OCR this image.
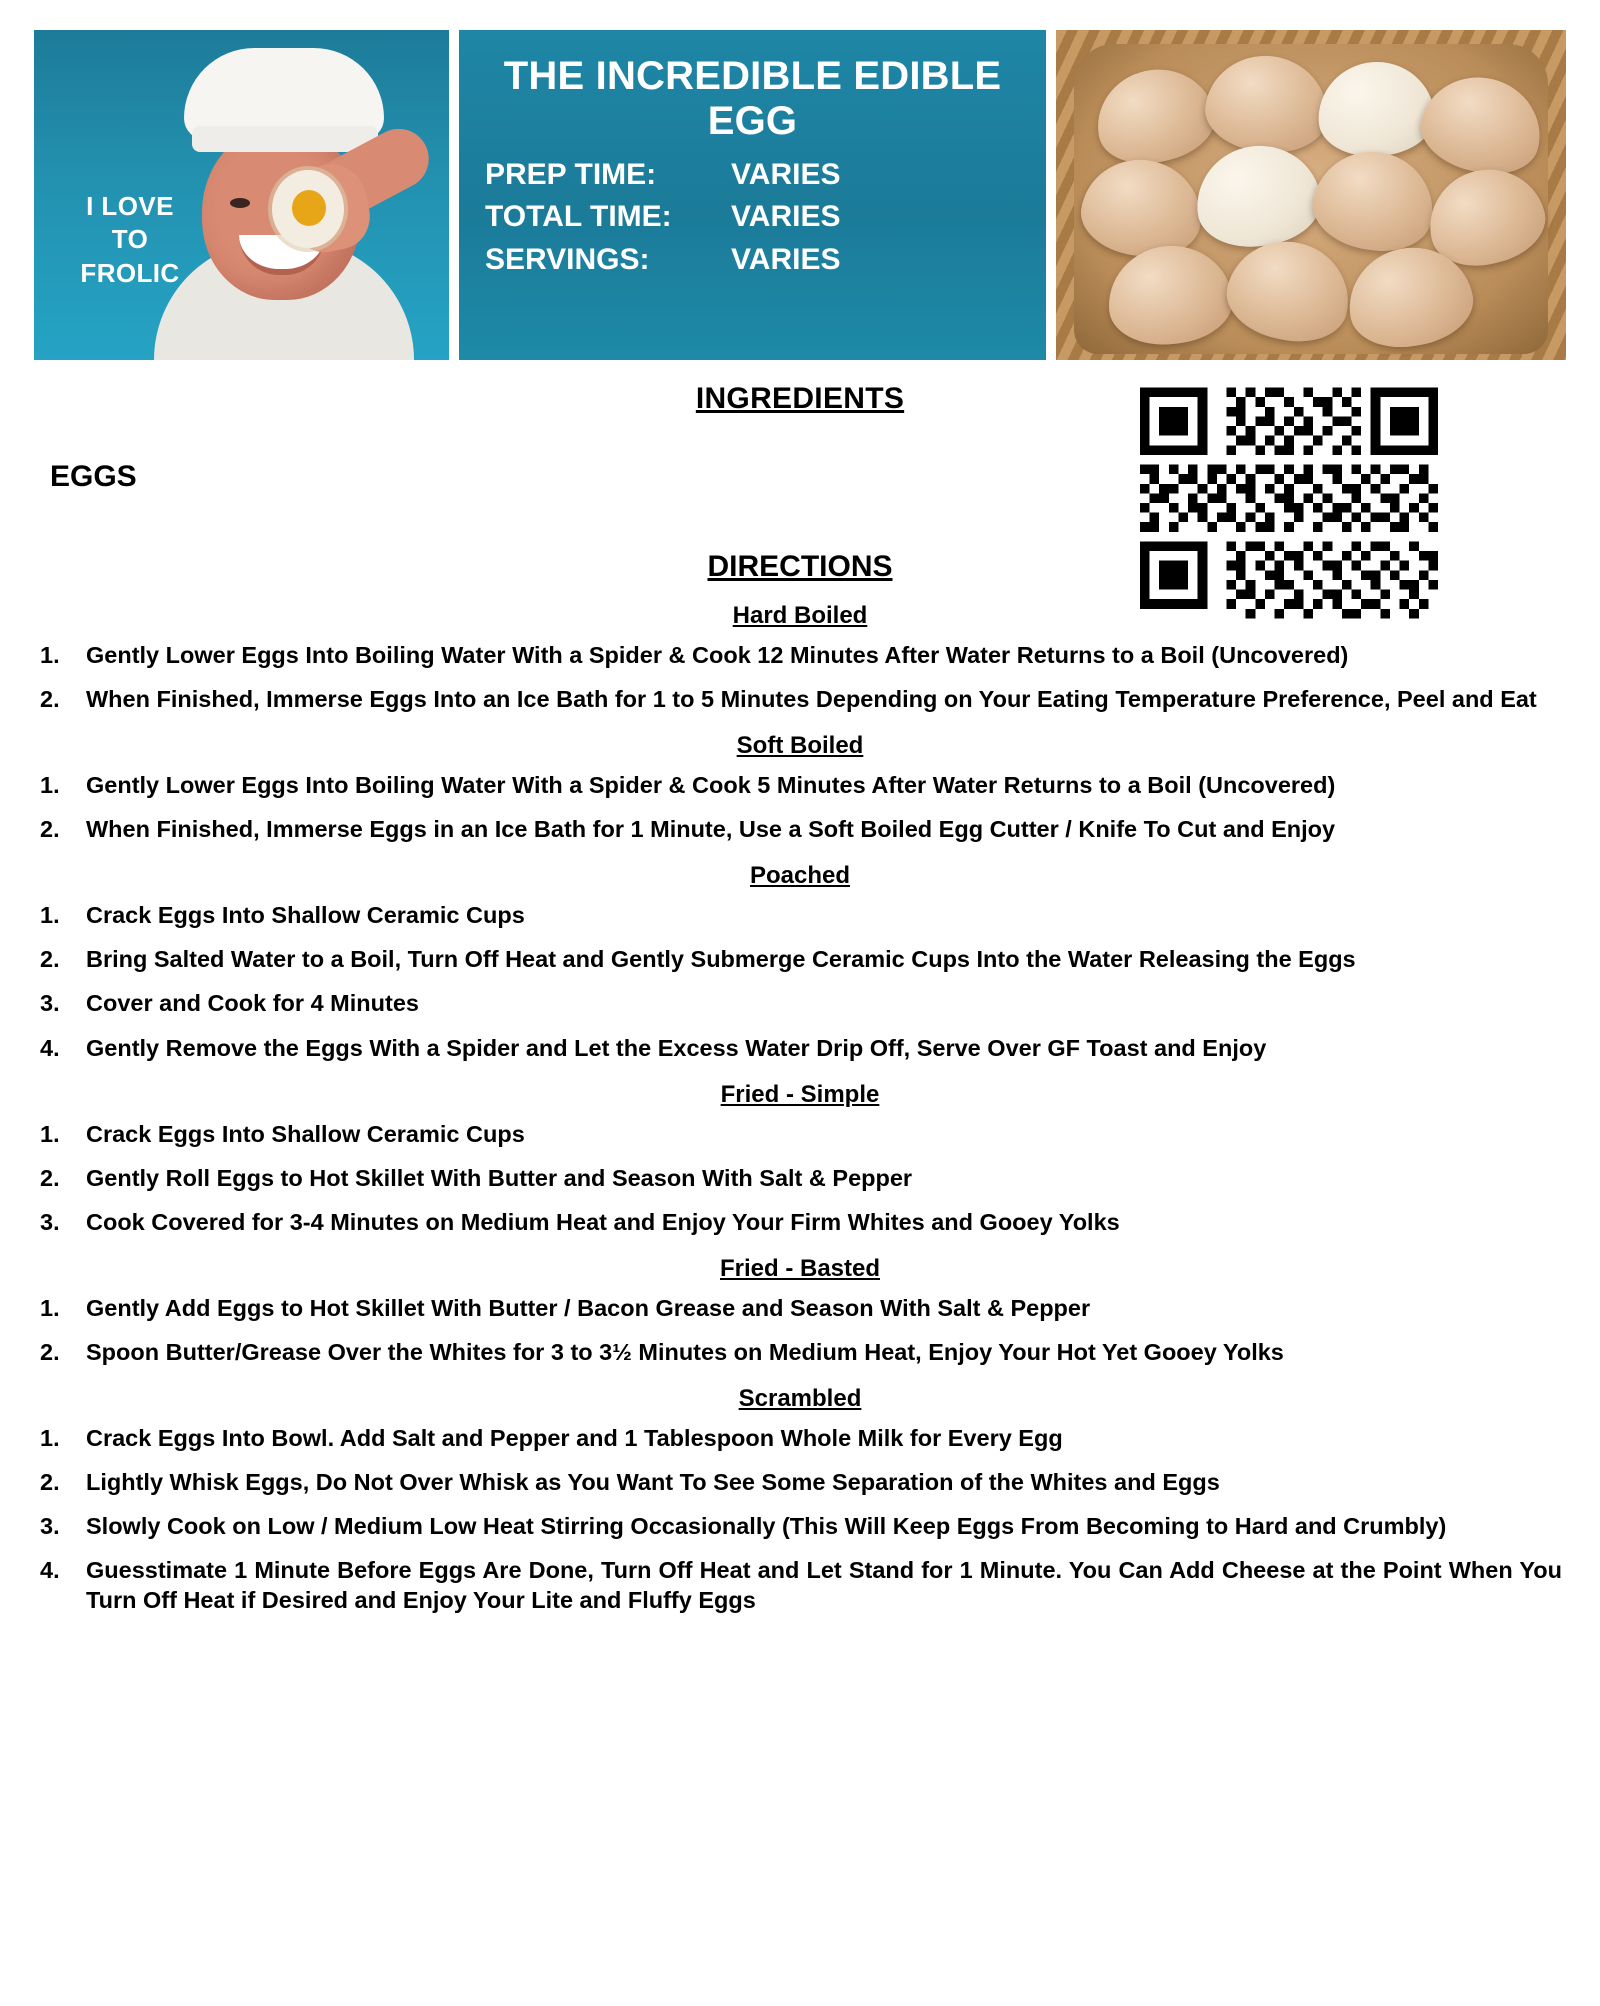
I LOVE
TO
FROLIC
THE INCREDIBLE EDIBLE EGG
PREP TIME:	VARIES
TOTAL TIME:	VARIES
SERVINGS:	VARIES
INGREDIENTS
EGGS
DIRECTIONS
Hard Boiled
Gently Lower Eggs Into Boiling Water With a Spider & Cook 12 Minutes After Water Returns to a Boil (Uncovered)
When Finished, Immerse Eggs Into an Ice Bath for 1 to 5 Minutes Depending on Your Eating Temperature Preference, Peel and Eat
Soft Boiled
Gently Lower Eggs Into Boiling Water With a Spider & Cook 5 Minutes After Water Returns to a Boil (Uncovered)
When Finished, Immerse Eggs in an Ice Bath for 1 Minute, Use a Soft Boiled Egg Cutter / Knife To Cut and Enjoy
Poached
Crack Eggs Into Shallow Ceramic Cups
Bring Salted Water to a Boil, Turn Off Heat and Gently Submerge Ceramic Cups Into the Water Releasing the Eggs
Cover and Cook for 4 Minutes
Gently Remove the Eggs With a Spider and Let the Excess Water Drip Off, Serve Over GF Toast and Enjoy
Fried - Simple
Crack Eggs Into Shallow Ceramic Cups
Gently Roll Eggs to Hot Skillet With Butter and Season With Salt & Pepper
Cook Covered for 3-4 Minutes on Medium Heat and Enjoy Your Firm Whites and Gooey Yolks
Fried - Basted
Gently Add Eggs to Hot Skillet With Butter / Bacon Grease and Season With Salt & Pepper
Spoon Butter/Grease Over the Whites for 3 to 3½ Minutes on Medium Heat, Enjoy Your Hot Yet Gooey Yolks
Scrambled
Crack Eggs Into Bowl. Add Salt and Pepper and 1 Tablespoon Whole Milk for Every Egg
Lightly Whisk Eggs, Do Not Over Whisk as You Want To See Some Separation of the Whites and Eggs
Slowly Cook on Low / Medium Low Heat Stirring Occasionally (This Will Keep Eggs From Becoming to Hard and Crumbly)
Guesstimate 1 Minute Before Eggs Are Done, Turn Off Heat and Let Stand for 1 Minute. You Can Add Cheese at the Point When You Turn Off Heat if Desired and Enjoy Your Lite and Fluffy Eggs
